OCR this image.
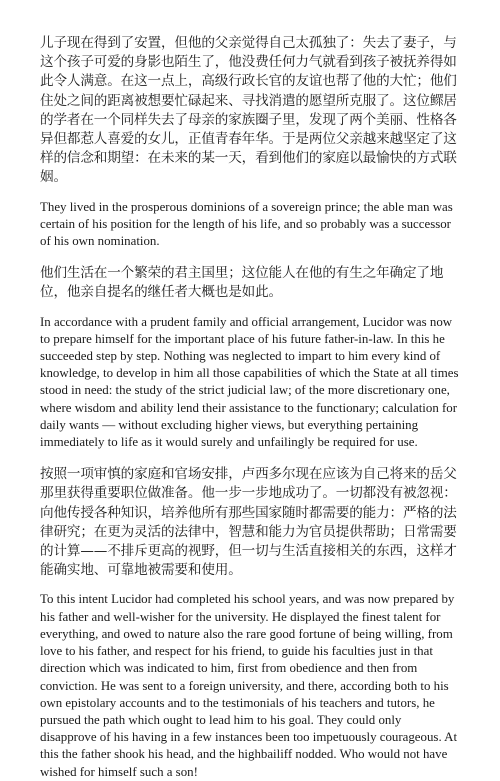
儿子现在得到了安置，但他的父亲觉得自己太孤独了：失去了妻子，与这个孩子可爱的身影也陌生了，他没费任何力气就看到孩子被抚养得如此令人满意。在这一点上，高级行政长官的友谊也帮了他的大忙；他们住处之间的距离被想要忙碌起来、寻找消遣的愿望所克服了。这位鳏居的学者在一个同样失去了母亲的家族圈子里，发现了两个美丽、性格各异但都惹人喜爱的女儿，正值青春年华。于是两位父亲越来越坚定了这样的信念和期望：在未来的某一天，看到他们的家庭以最愉快的方式联姻。

They lived in the prosperous dominions of a sovereign prince; the able man was certain of his position for the length of his life, and so probably was a successor of his own nomination.

他们生活在一个繁荣的君主国里；这位能人在他的有生之年确定了地位，他亲自提名的继任者大概也是如此。

In accordance with a prudent family and official arrangement, Lucidor was now to prepare himself for the important place of his future father-in-law. In this he succeeded step by step. Nothing was neglected to impart to him every kind of knowledge, to develop in him all those capabilities of which the State at all times stood in need: the study of the strict judicial law; of the more discretionary one, where wisdom and ability lend their assistance to the functionary; calculation for daily wants — without excluding higher views, but everything pertaining immediately to life as it would surely and unfailingly be required for use.

按照一项审慎的家庭和官场安排，卢西多尔现在应该为自己将来的岳父那里获得重要职位做准备。他一步一步地成功了。一切都没有被忽视：向他传授各种知识，培养他所有那些国家随时都需要的能力：严格的法律研究；在更为灵活的法律中，智慧和能力为官员提供帮助；日常需要的计算——不排斥更高的视野，但一切与生活直接相关的东西，这样才能确实地、可靠地被需要和使用。

To this intent Lucidor had completed his school years, and was now prepared by his father and well-wisher for the university. He displayed the finest talent for everything, and owed to nature also the rare good fortune of being willing, from love to his father, and respect for his friend, to guide his faculties just in that direction which was indicated to him, first from obedience and then from conviction. He was sent to a foreign university, and there, according both to his own epistolary accounts and to the testimonials of his teachers and tutors, he pursued the path which ought to lead him to his goal. They could only disapprove of his having in a few instances been too impetuously courageous. At this the father shook his head, and the highbailiff nodded. Who would not have wished for himself such a son!
